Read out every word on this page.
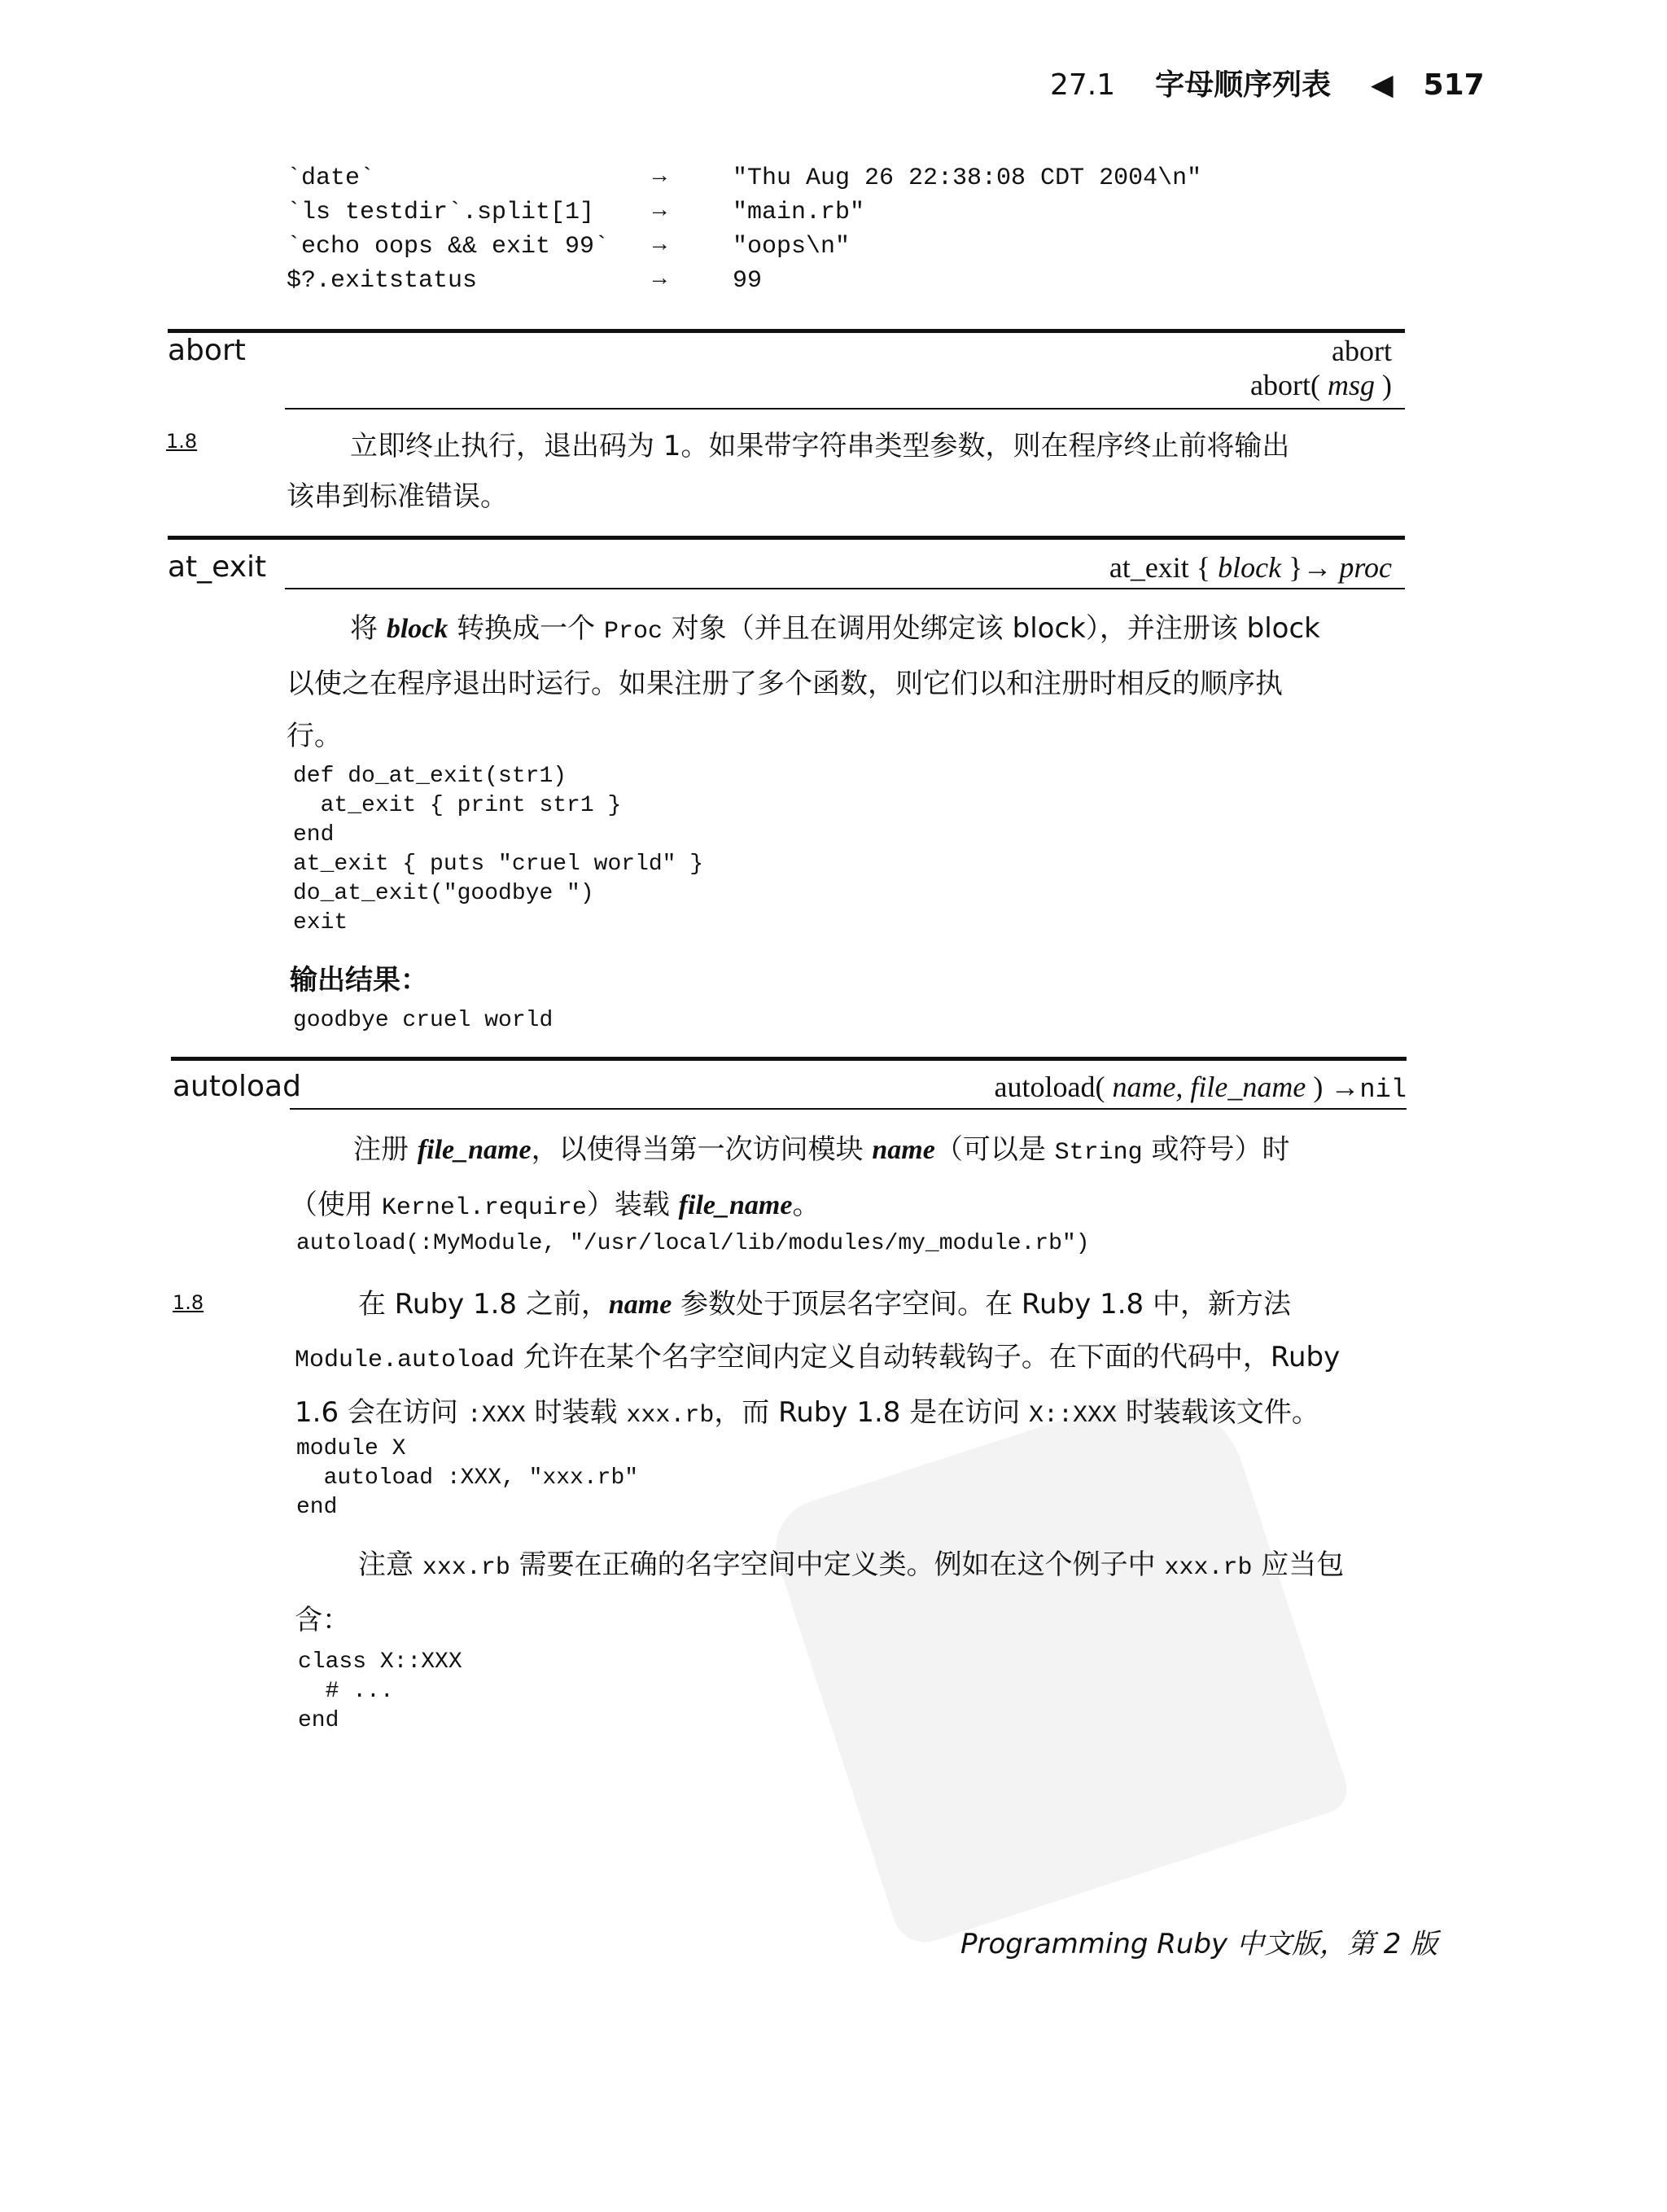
27.1 字母顺序列表 ◀ 517
`date`	→	"Thu Aug 26 22:38:08 CDT 2004\n"
`ls testdir`.split[1]	→	"main.rb"
`echo oops && exit 99` →	"oops\n"
$?.exitstatus	→	99
abort	abort
abort( msg )
1.8	立即终止执行，退出码为 1。如果带字符串类型参数，则在程序终止前将输出

该串到标准错误。

at_exit	at_exit { block }→ proc

将 block 转换成一个 Proc 对象（并且在调用处绑定该 block），并注册该 block

以使之在程序退出时运行。如果注册了多个函数，则它们以和注册时相反的顺序执

行。

def do_at_exit(str1)
at_exit { print str1 }
end
at_exit { puts "cruel world" }
do_at_exit("goodbye ")
exit
输出结果：
goodbye cruel world
autoload	autoload( name, file_name ) →nil

注册 file_name，以使得当第一次访问模块 name（可以是 String 或符号）时

（使用 Kernel.require）装载 file_name。

autoload(:MyModule, "/usr/local/lib/modules/my_module.rb")
1.8	在 Ruby 1.8 之前，name 参数处于顶层名字空间。在 Ruby 1.8 中，新方法

Module.autoload 允许在某个名字空间内定义自动转载钩子。在下面的代码中，Ruby

1.6 会在访问 :XXX 时装载 xxx.rb，而 Ruby 1.8 是在访问 X::XXX 时装载该文件。

module X
autoload :XXX, "xxx.rb"
end

注意 xxx.rb 需要在正确的名字空间中定义类。例如在这个例子中 xxx.rb 应当包

含：

class X::XXX
# ...
end
Programming Ruby 中文版，第 2 版
